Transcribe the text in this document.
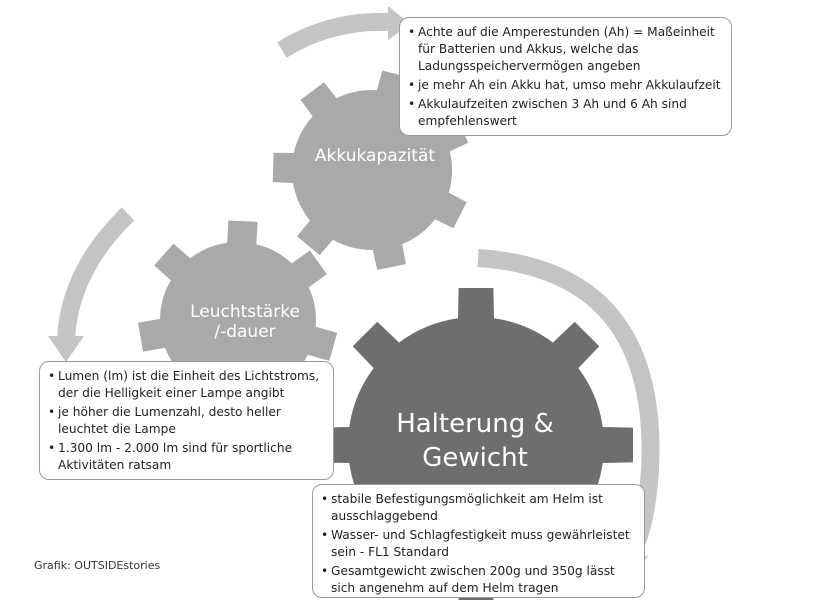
Akkukapazität
Leuchtstärke
/-dauer
Halterung &
Gewicht
• Achte auf die Amperestunden (Ah) = Maßeinheit für Batterien und Akkus, welche das Ladungsspeichervermögen angeben
• je mehr Ah ein Akku hat, umso mehr Akkulaufzeit
• Akkulaufzeiten zwischen 3 Ah und 6 Ah sind empfehlenswert
• Lumen (lm) ist die Einheit des Lichtstroms, der die Helligkeit einer Lampe angibt
• je höher die Lumenzahl, desto heller leuchtet die Lampe
• 1.300 lm - 2.000 lm sind für sportliche Aktivitäten ratsam
• stabile Befestigungsmöglichkeit am Helm ist ausschlaggebend
• Wasser- und Schlagfestigkeit muss gewährleistet sein - FL1 Standard
• Gesamtgewicht zwischen 200g und 350g lässt sich angenehm auf dem Helm tragen
Grafik: OUTSIDEstories
